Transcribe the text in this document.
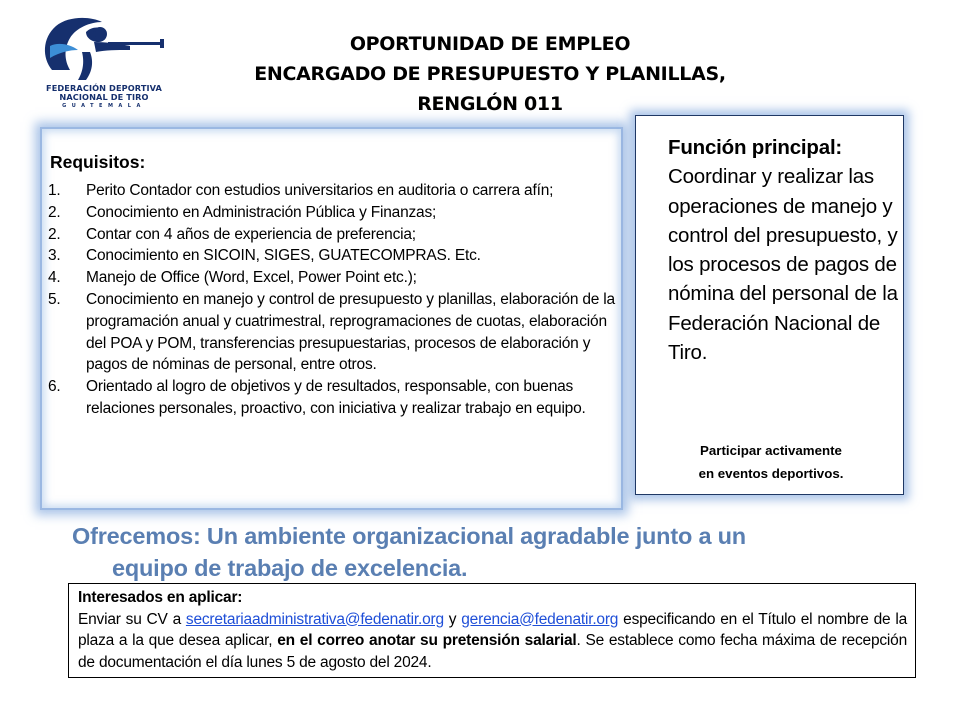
FEDERACIÓN DEPORTIVA
NACIONAL DE TIRO
GUATEMALA
OPORTUNIDAD DE EMPLEO
ENCARGADO DE PRESUPUESTO Y PLANILLAS,
RENGLÓN 011
Requisitos:
1. Perito Contador con estudios universitarios en auditoria o carrera afín;
2. Conocimiento en Administración Pública y Finanzas;
2. Contar con 4 años de experiencia de preferencia;
3. Conocimiento en SICOIN, SIGES, GUATECOMPRAS. Etc.
4. Manejo de Office (Word, Excel, Power Point etc.);
5. Conocimiento en manejo y control de presupuesto y planillas, elaboración de la programación anual y cuatrimestral, reprogramaciones de cuotas, elaboración del POA y POM, transferencias presupuestarias, procesos de elaboración y pagos de nóminas de personal, entre otros.
6. Orientado al logro de objetivos y de resultados, responsable, con buenas relaciones personales, proactivo, con iniciativa y realizar trabajo en equipo.
Función principal: Coordinar y realizar las operaciones de manejo y control del presupuesto, y los procesos de pagos de nómina del personal de la Federación Nacional de Tiro.
Participar activamente
en eventos deportivos.
Ofrecemos: Un ambiente organizacional agradable junto a un
equipo de trabajo de excelencia.
Interesados en aplicar:
Enviar su CV a secretariaadministrativa@fedenatir.org y gerencia@fedenatir.org especificando en el Título el nombre de la plaza a la que desea aplicar, en el correo anotar su pretensión salarial. Se establece como fecha máxima de recepción de documentación el día lunes 5 de agosto del 2024.
